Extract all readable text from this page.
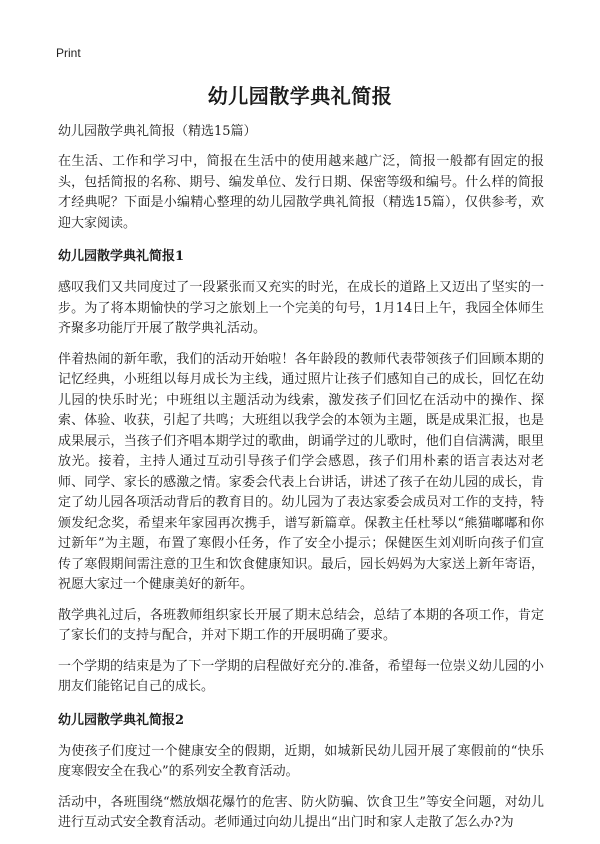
Print
幼儿园散学典礼简报
幼儿园散学典礼简报（精选15篇）

在生活、工作和学习中，简报在生活中的使用越来越广泛，简报一般都有固定的报头，包括简报的名称、期号、编发单位、发行日期、保密等级和编号。什么样的简报才经典呢？下面是小编精心整理的幼儿园散学典礼简报（精选15篇），仅供参考，欢迎大家阅读。

幼儿园散学典礼简报1

感叹我们又共同度过了一段紧张而又充实的时光，在成长的道路上又迈出了坚实的一步。为了将本期愉快的学习之旅划上一个完美的句号，1月14日上午，我园全体师生齐聚多功能厅开展了散学典礼活动。

伴着热闹的新年歌，我们的活动开始啦！各年龄段的教师代表带领孩子们回顾本期的记忆经典，小班组以每月成长为主线，通过照片让孩子们感知自己的成长，回忆在幼儿园的快乐时光；中班组以主题活动为线索，激发孩子们回忆在活动中的操作、探索、体验、收获，引起了共鸣；大班组以我学会的本领为主题，既是成果汇报，也是成果展示，当孩子们齐唱本期学过的歌曲，朗诵学过的儿歌时，他们自信满满，眼里放光。接着，主持人通过互动引导孩子们学会感恩，孩子们用朴素的语言表达对老师、同学、家长的感激之情。家委会代表上台讲话，讲述了孩子在幼儿园的成长，肯定了幼儿园各项活动背后的教育目的。幼儿园为了表达家委会成员对工作的支持，特颁发纪念奖，希望来年家园再次携手，谱写新篇章。保教主任杜琴以“熊猫嘟嘟和你过新年”为主题，布置了寒假小任务，作了安全小提示；保健医生刘刈昕向孩子们宣传了寒假期间需注意的卫生和饮食健康知识。最后，园长妈妈为大家送上新年寄语，祝愿大家过一个健康美好的新年。

散学典礼过后，各班教师组织家长开展了期末总结会，总结了本期的各项工作，肯定了家长们的支持与配合，并对下期工作的开展明确了要求。

一个学期的结束是为了下一学期的启程做好充分的.准备，希望每一位崇义幼儿园的小朋友们能铭记自己的成长。

幼儿园散学典礼简报2

为使孩子们度过一个健康安全的假期，近期，如城新民幼儿园开展了寒假前的“快乐度寒假安全在我心”的系列安全教育活动。

活动中，各班围绕“燃放烟花爆竹的危害、防火防骗、饮食卫生”等安全问题，对幼儿进行互动式安全教育活动。老师通过向幼儿提出“出门时和家人走散了怎么办?为
